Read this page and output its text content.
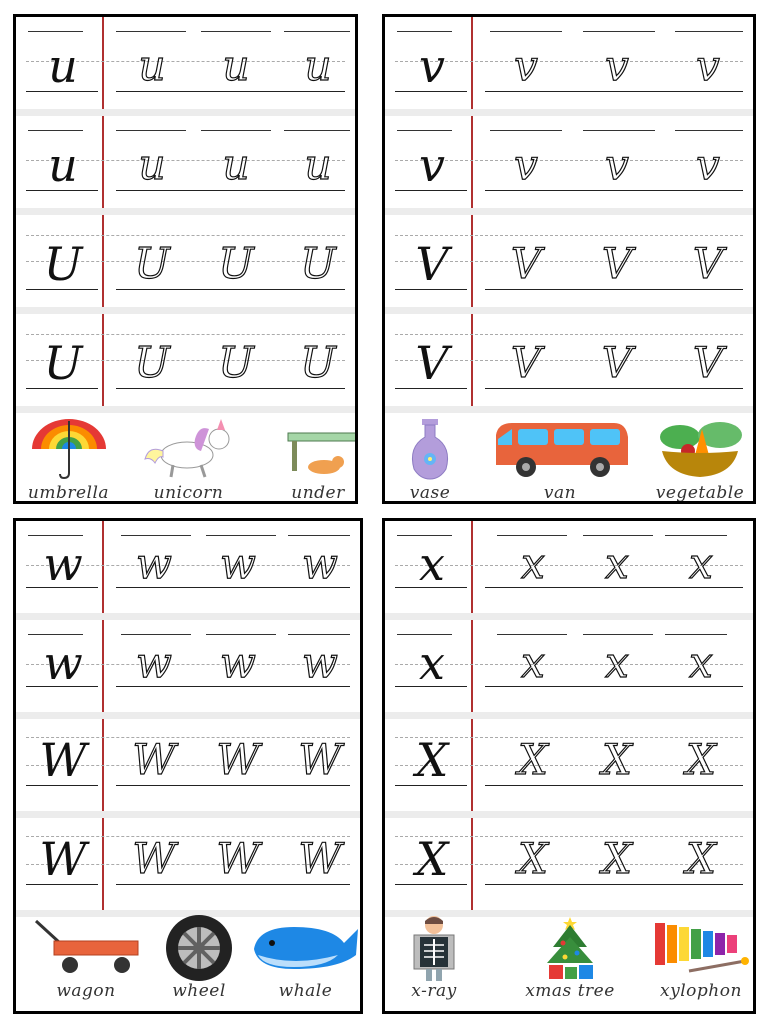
u	u	u	u
u	u	u	u
U	U	U	U
U	U	U	U
umbrella	unicorn	under
v	v	v	v
v	v	v	v
V	V	V	V
V	V	V	V
vase	van	vegetable
w	w	w	w
w	w	w	w
W	W W W
W	W W W
wagon	wheel	whale
x	x	x	x
x	x	x	x
X	X	X	X
X	X	X	X
x-ray	xmas tree	xylophon
